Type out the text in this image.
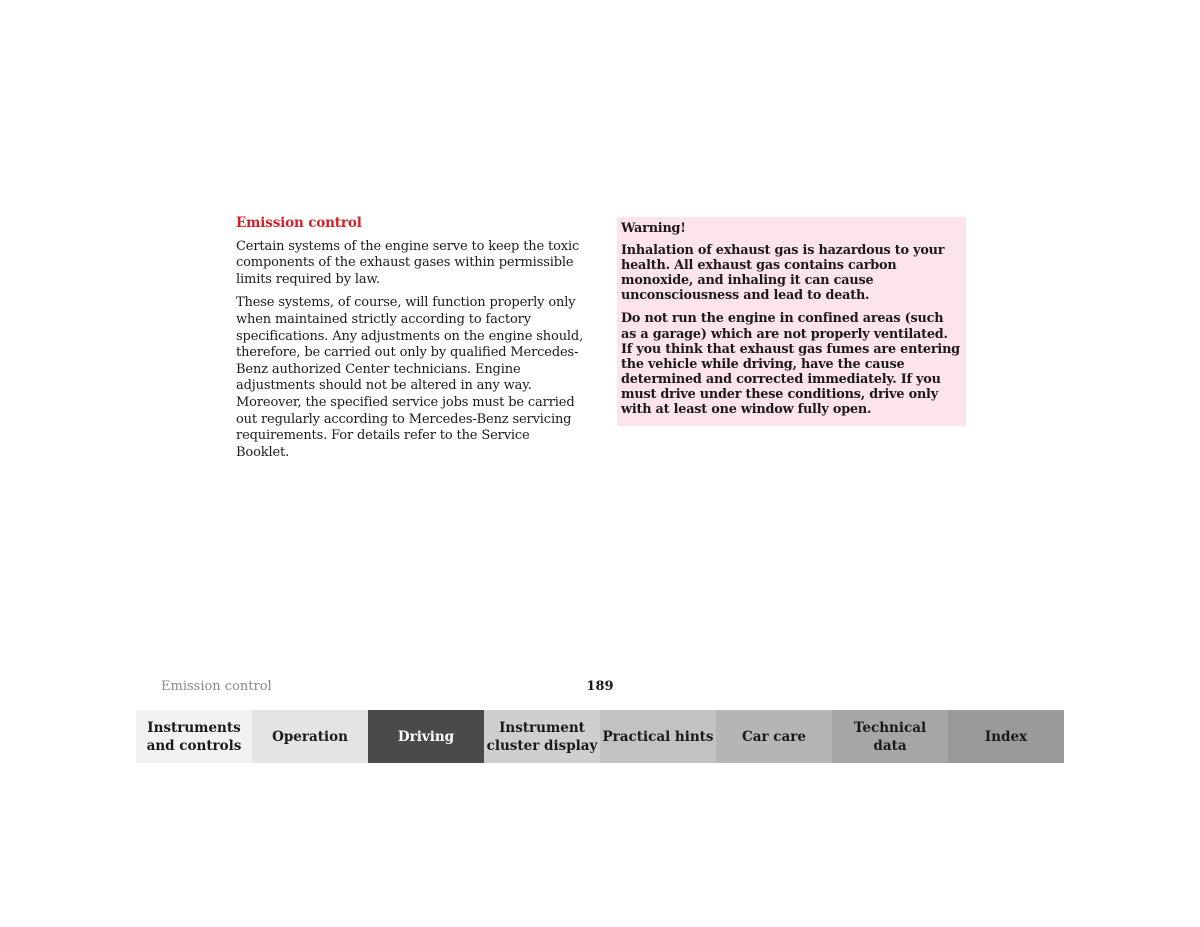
Emission control

Certain systems of the engine serve to keep the toxic components of the exhaust gases within permissible limits required by law.

These systems, of course, will function properly only when maintained strictly according to factory specifications. Any adjustments on the engine should, therefore, be carried out only by qualified Mercedes-Benz authorized Center technicians. Engine adjustments should not be altered in any way. Moreover, the specified service jobs must be carried out regularly according to Mercedes-Benz servicing requirements. For details refer to the Service Booklet.

Warning!

Inhalation of exhaust gas is hazardous to your health. All exhaust gas contains carbon monoxide, and inhaling it can cause unconsciousness and lead to death.

Do not run the engine in confined areas (such as a garage) which are not properly ventilated. If you think that exhaust gas fumes are entering the vehicle while driving, have the cause determined and corrected immediately. If you must drive under these conditions, drive only with at least one window fully open.

Emission control	189
Instruments
and controls
Operation	Driving
Instrument
cluster display
Practical hints Car care
Technical
data
Index
